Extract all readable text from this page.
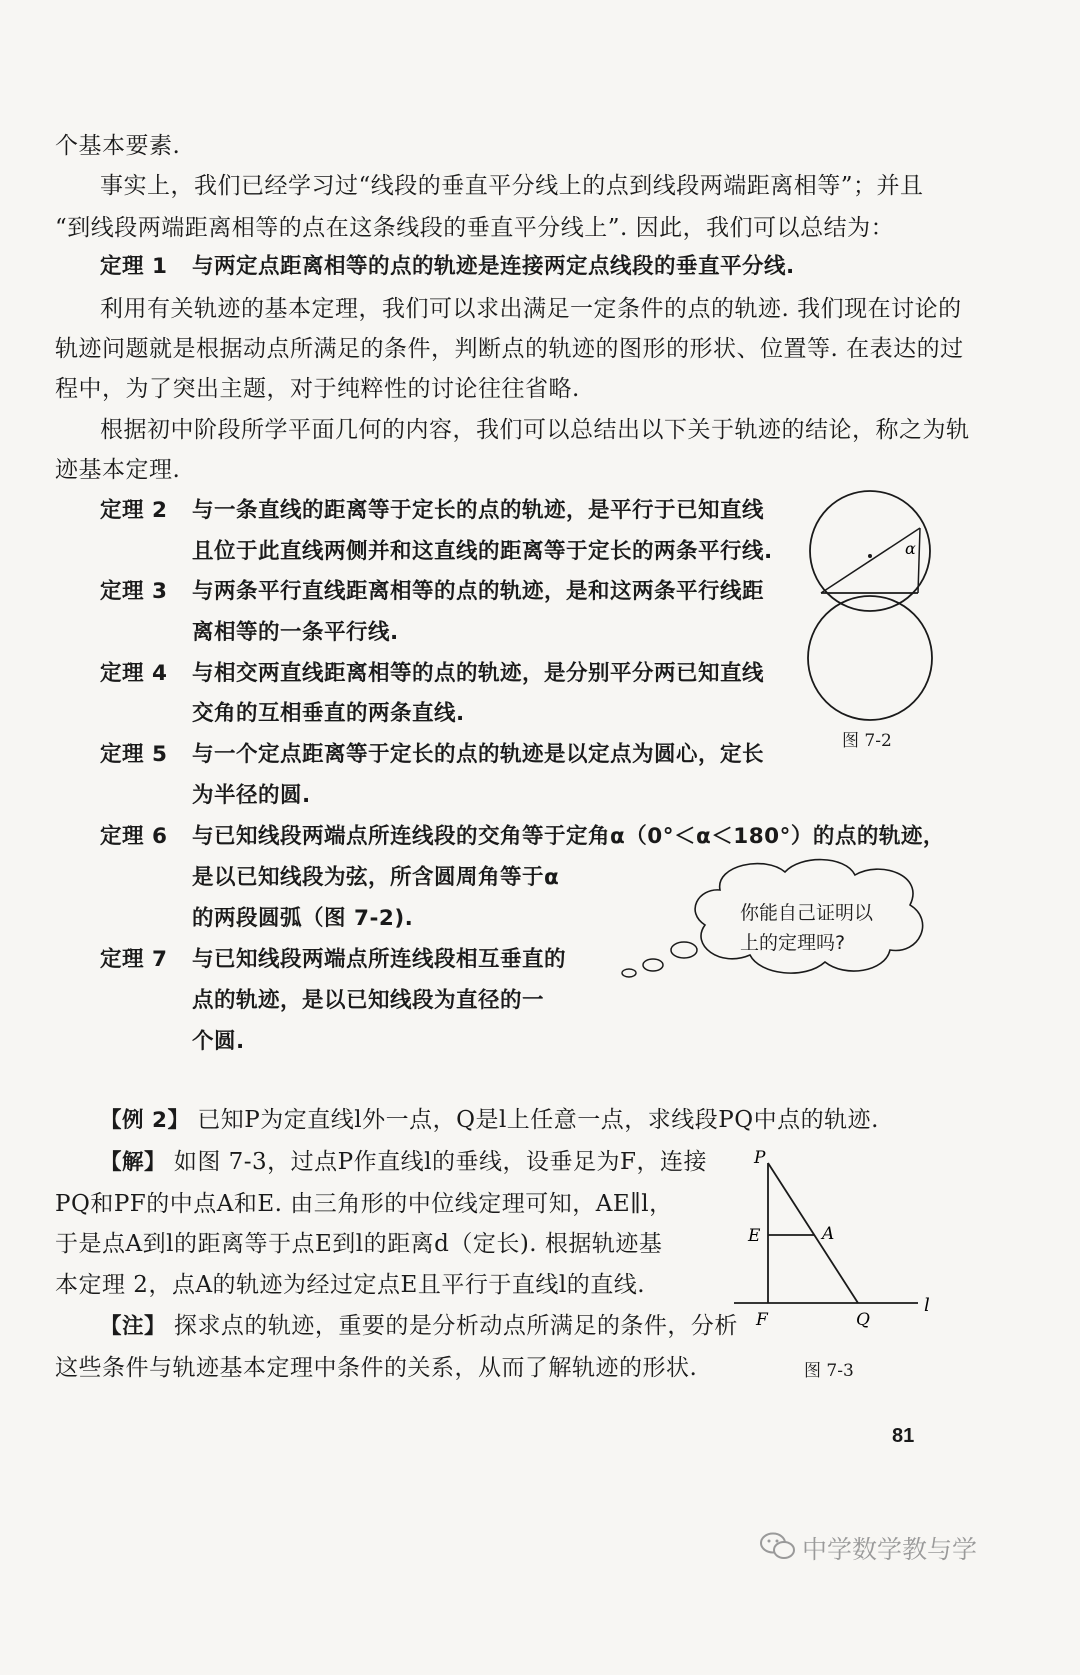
个基本要素.
事实上，我们已经学习过“线段的垂直平分线上的点到线段两端距离相等”；并且
“到线段两端距离相等的点在这条线段的垂直平分线上”. 因此，我们可以总结为：
定理 1 与两定点距离相等的点的轨迹是连接两定点线段的垂直平分线.
利用有关轨迹的基本定理，我们可以求出满足一定条件的点的轨迹. 我们现在讨论的
轨迹问题就是根据动点所满足的条件，判断点的轨迹的图形的形状、位置等. 在表达的过
程中，为了突出主题，对于纯粹性的讨论往往省略.
根据初中阶段所学平面几何的内容，我们可以总结出以下关于轨迹的结论，称之为轨
迹基本定理.
定理 2 与一条直线的距离等于定长的点的轨迹，是平行于已知直线
且位于此直线两侧并和这直线的距离等于定长的两条平行线.
定理 3 与两条平行直线距离相等的点的轨迹，是和这两条平行线距
离相等的一条平行线.
定理 4 与相交两直线距离相等的点的轨迹，是分别平分两已知直线
交角的互相垂直的两条直线.
定理 5 与一个定点距离等于定长的点的轨迹是以定点为圆心，定长
为半径的圆.
定理 6 与已知线段两端点所连线段的交角等于定角α（0°＜α＜180°）的点的轨迹，
是以已知线段为弦，所含圆周角等于α
的两段圆弧（图 7-2).
定理 7 与已知线段两端点所连线段相互垂直的
点的轨迹，是以已知线段为直径的一
个圆.
α
图 7-2
你能自己证明以
上的定理吗?
【例 2】 已知P为定直线l外一点，Q是l上任意一点，求线段PQ中点的轨迹.
【解】 如图 7-3，过点P作直线l的垂线，设垂足为F，连接
PQ和PF的中点A和E. 由三角形的中位线定理可知，AE∥l，
于是点A到l的距离等于点E到l的距离d（定长). 根据轨迹基
本定理 2，点A的轨迹为经过定点E且平行于直线l的直线.
【注】 探求点的轨迹，重要的是分析动点所满足的条件，分析
这些条件与轨迹基本定理中条件的关系，从而了解轨迹的形状.
P
E	A
F	Q
l
图 7-3
81
中学数学教与学
